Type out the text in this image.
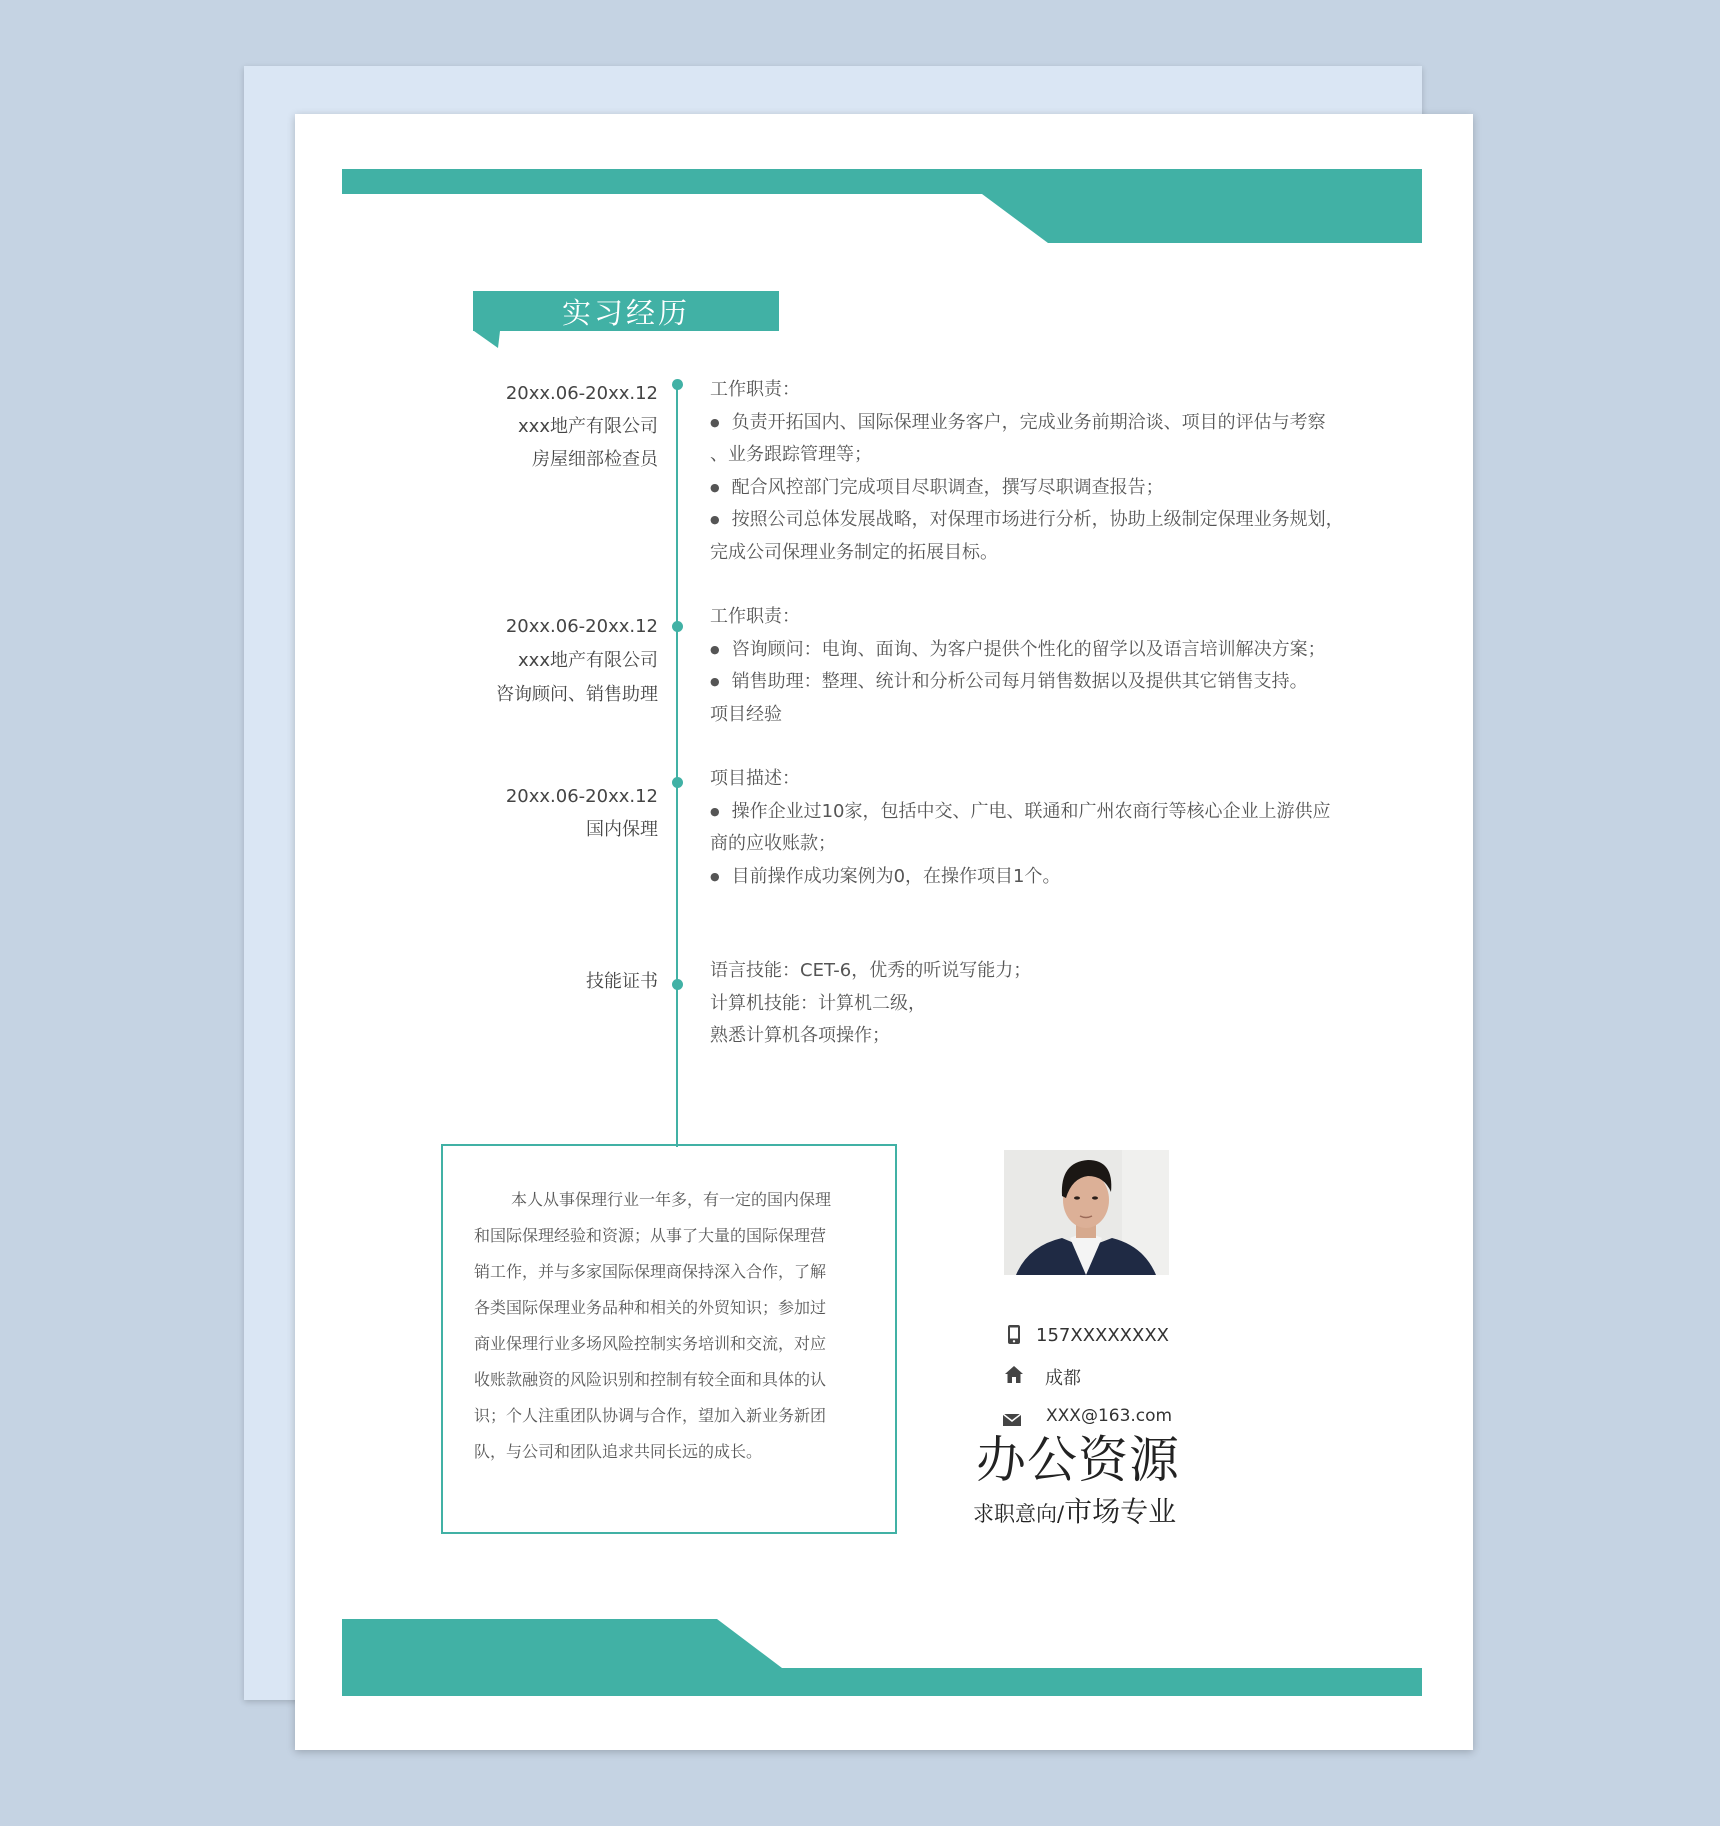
实习经历
20xx.06-20xx.12
xxx地产有限公司
房屋细部检查员
工作职责：
● 负责开拓国内、国际保理业务客户，完成业务前期洽谈、项目的评估与考察
、业务跟踪管理等；
● 配合风控部门完成项目尽职调查，撰写尽职调查报告；
● 按照公司总体发展战略，对保理市场进行分析，协助上级制定保理业务规划，
完成公司保理业务制定的拓展目标。
20xx.06-20xx.12
xxx地产有限公司
咨询顾问、销售助理
工作职责：
● 咨询顾问：电询、面询、为客户提供个性化的留学以及语言培训解决方案；
● 销售助理：整理、统计和分析公司每月销售数据以及提供其它销售支持。
项目经验
20xx.06-20xx.12
国内保理
项目描述：
● 操作企业过10家，包括中交、广电、联通和广州农商行等核心企业上游供应
商的应收账款；
● 目前操作成功案例为0，在操作项目1个。
技能证书
语言技能：CET-6，优秀的听说写能力；
计算机技能：计算机二级，
熟悉计算机各项操作；
本人从事保理行业一年多，有一定的国内保理
和国际保理经验和资源；从事了大量的国际保理营
销工作，并与多家国际保理商保持深入合作，了解
各类国际保理业务品种和相关的外贸知识；参加过
商业保理行业多场风险控制实务培训和交流，对应
收账款融资的风险识别和控制有较全面和具体的认
识；个人注重团队协调与合作，望加入新业务新团
队，与公司和团队追求共同长远的成长。
157XXXXXXXX
成都
XXX@163.com
办公资源
求职意向/市场专业
